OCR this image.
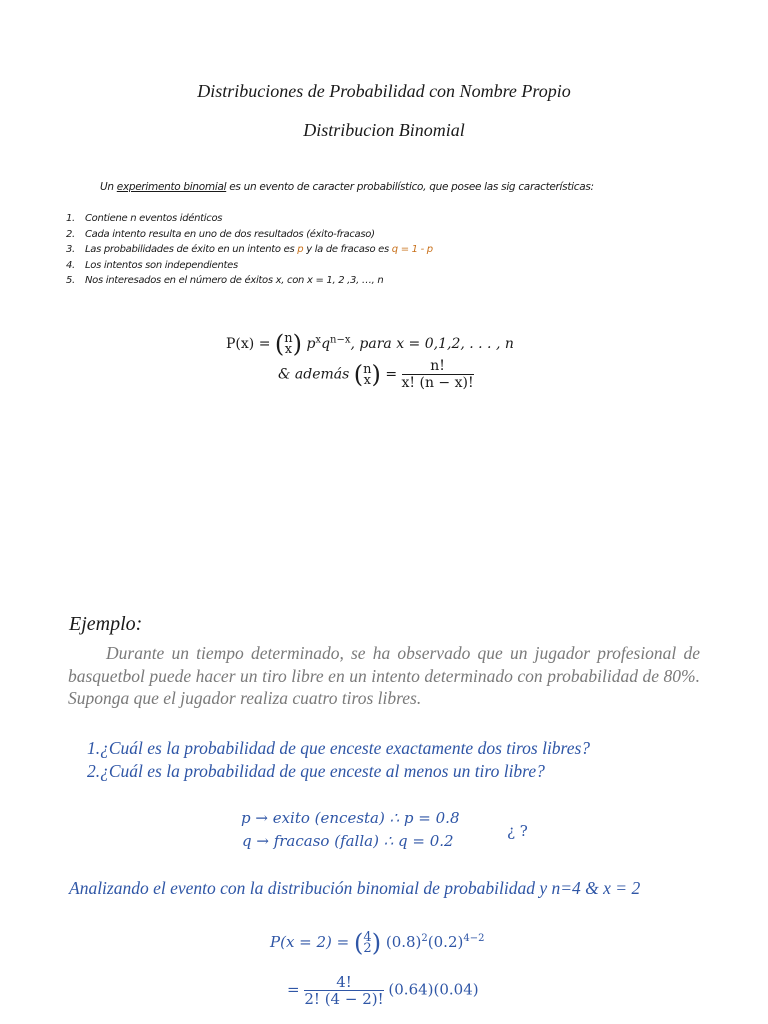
Distribuciones de Probabilidad con Nombre Propio
Distribucion Binomial
Un experimento binomial es un evento de caracter probabilístico, que posee las sig características:
1. Contiene n eventos idénticos
2. Cada intento resulta en uno de dos resultados (éxito-fracaso)
3. Las probabilidades de éxito en un intento es p y la de fracaso es q = 1 - p
4. Los intentos son independientes
5. Nos interesados en el número de éxitos x, con x = 1, 2 ,3, …, n
P(x) = ( n
x ) $p^xq^{n-x}$, para x = 0,1,2, . . . , n
& además ( n
x ) = $\frac{n!}{x! (n - x)!}$
Ejemplo:
Durante un tiempo determinado, se ha observado que un jugador profesional de basquetbol puede hacer un tiro libre en un intento determinado con probabilidad de 80%. Suponga que el jugador realiza cuatro tiros libres.
1.¿Cuál es la probabilidad de que enceste exactamente dos tiros libres?
2.¿Cuál es la probabilidad de que enceste al menos un tiro libre?
p → exito (encesta) ∴ p = 0.8
q → fracaso (falla) ∴ q = 0.2
¿ ?
Analizando el evento con la distribución binomial de probabilidad y n=4 & x = 2
P(x = 2) = ( 4
2 ) $(0.8)^2(0.2)^{4-2}$
= $\frac{4!}{2! (4 - 2)!} (0.64)(0.04)$
